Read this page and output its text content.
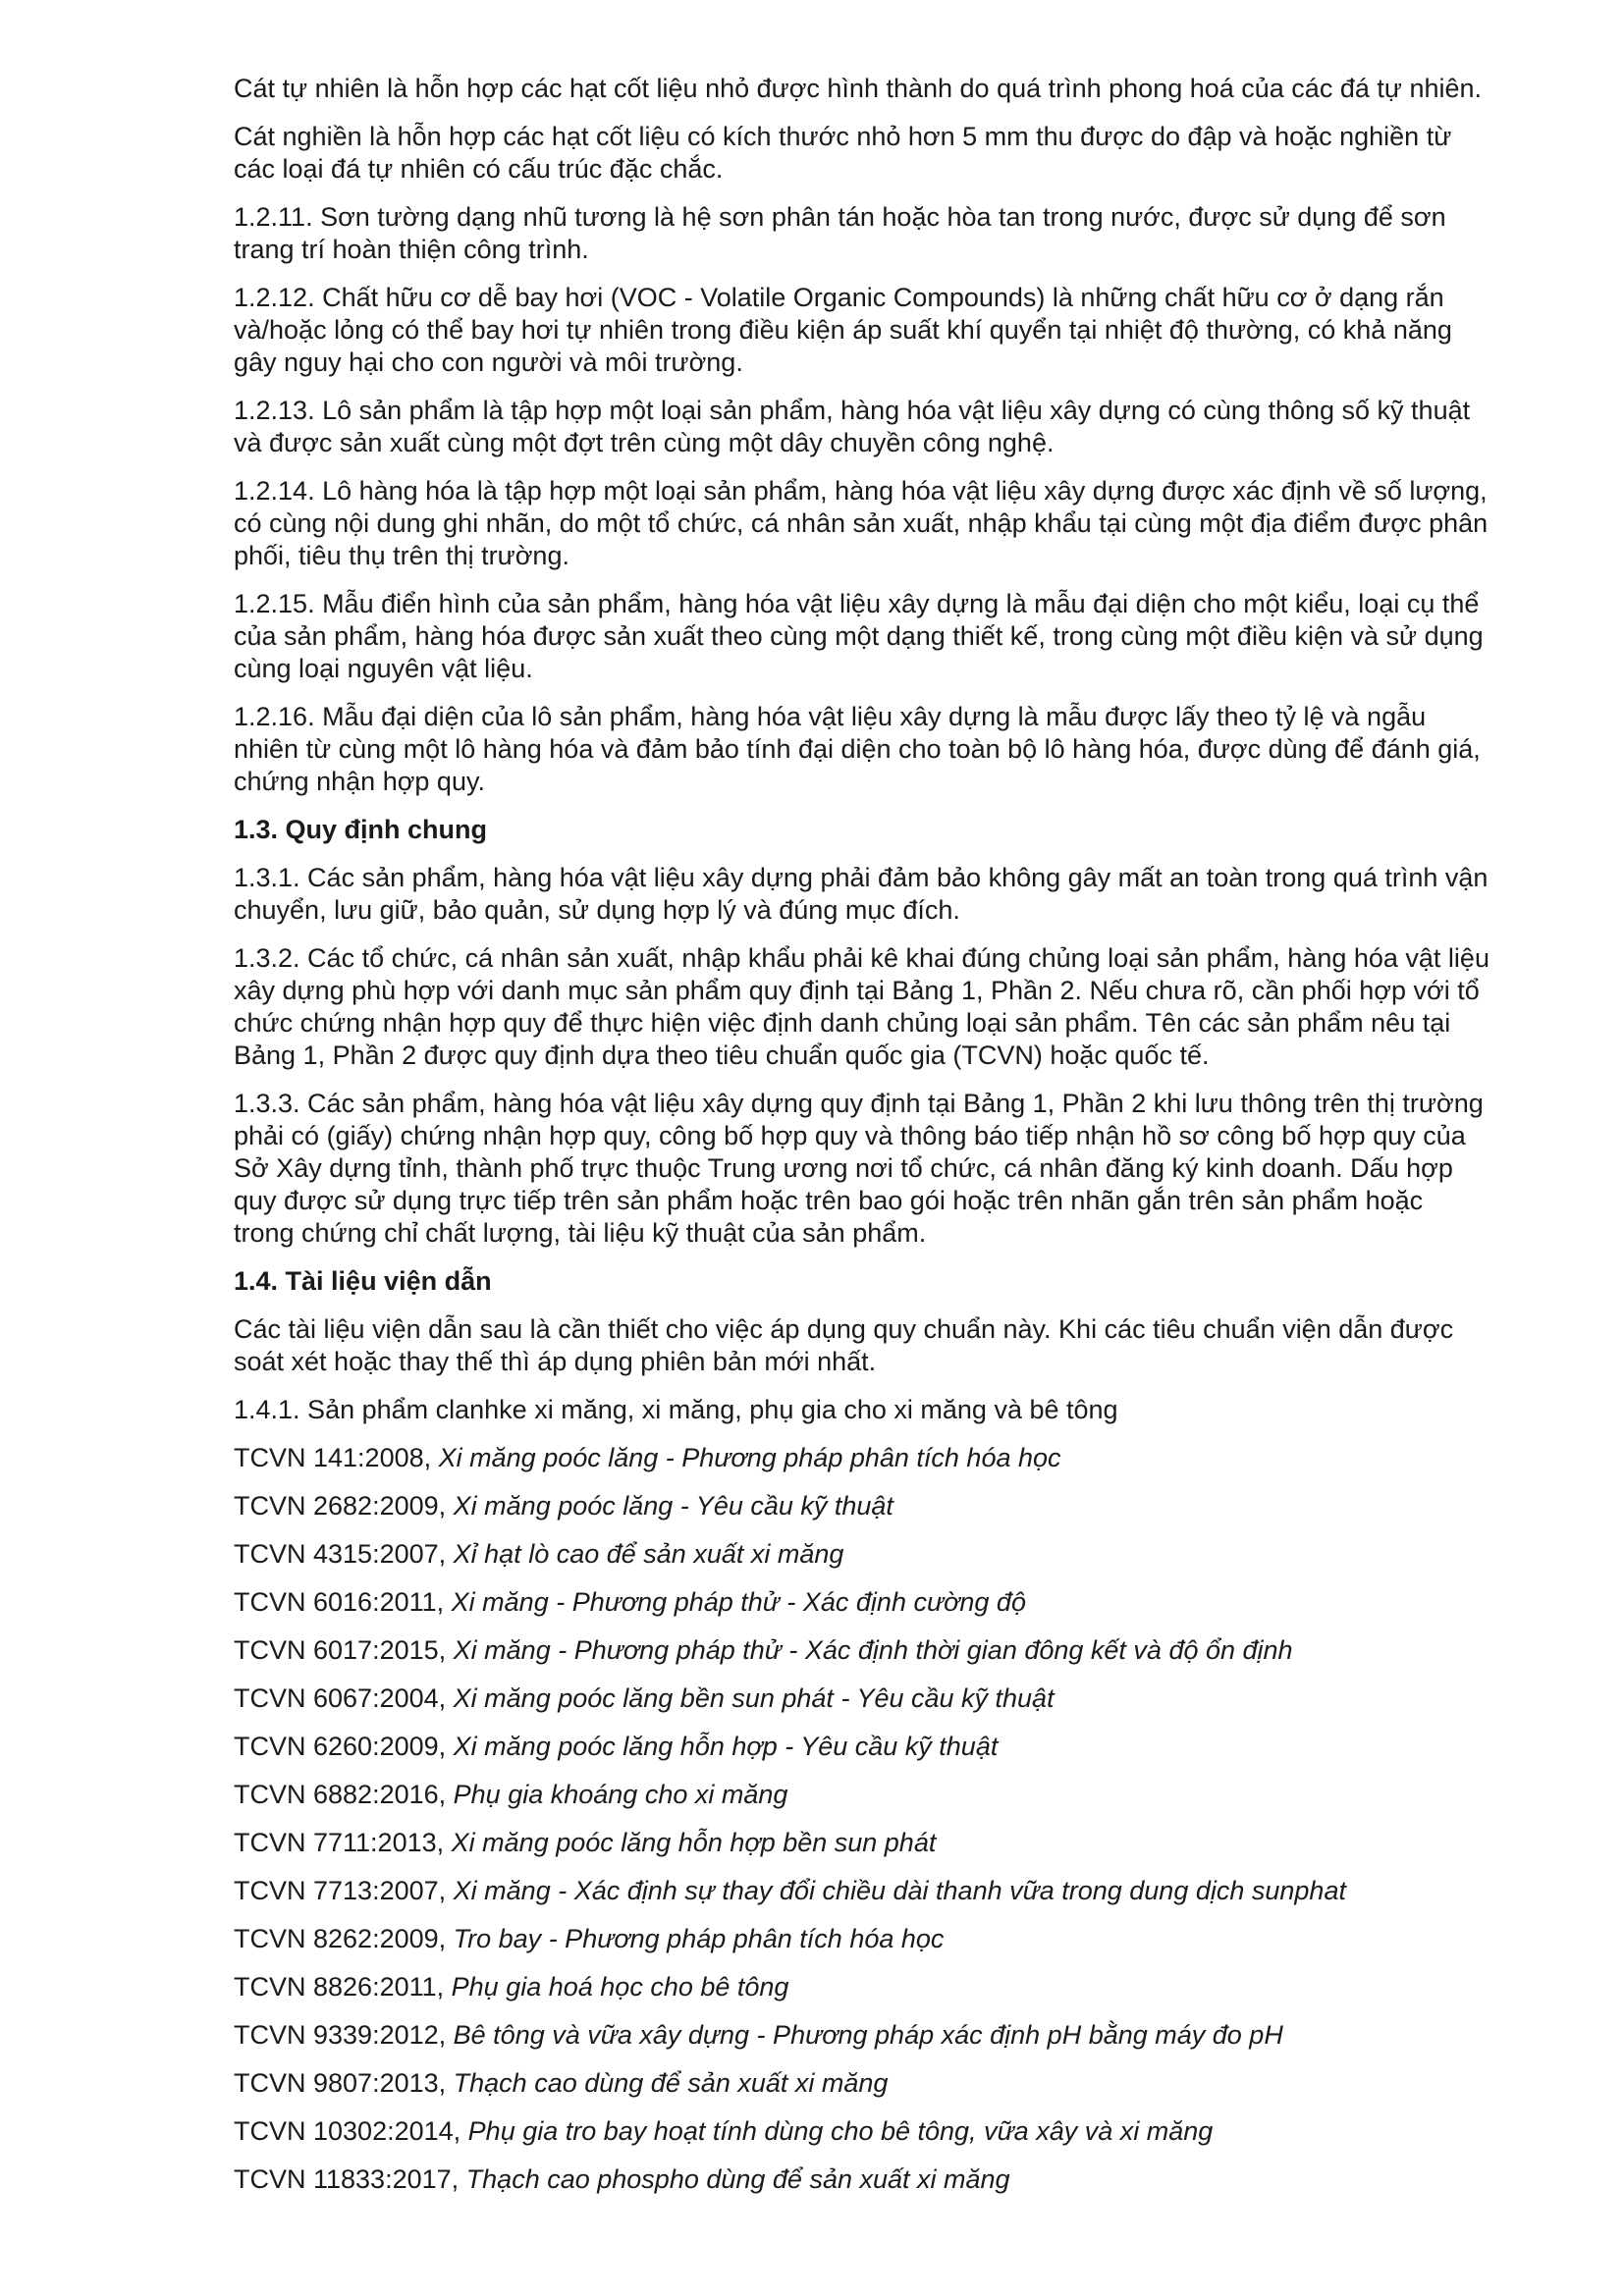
Cát tự nhiên là hỗn hợp các hạt cốt liệu nhỏ được hình thành do quá trình phong hoá của các đá tự nhiên.

Cát nghiền là hỗn hợp các hạt cốt liệu có kích thước nhỏ hơn 5 mm thu được do đập và hoặc nghiền từ các loại đá tự nhiên có cấu trúc đặc chắc.

1.2.11. Sơn tường dạng nhũ tương là hệ sơn phân tán hoặc hòa tan trong nước, được sử dụng để sơn trang trí hoàn thiện công trình.

1.2.12. Chất hữu cơ dễ bay hơi (VOC - Volatile Organic Compounds) là những chất hữu cơ ở dạng rắn và/hoặc lỏng có thể bay hơi tự nhiên trong điều kiện áp suất khí quyển tại nhiệt độ thường, có khả năng gây nguy hại cho con người và môi trường.

1.2.13. Lô sản phẩm là tập hợp một loại sản phẩm, hàng hóa vật liệu xây dựng có cùng thông số kỹ thuật và được sản xuất cùng một đợt trên cùng một dây chuyền công nghệ.

1.2.14. Lô hàng hóa là tập hợp một loại sản phẩm, hàng hóa vật liệu xây dựng được xác định về số lượng, có cùng nội dung ghi nhãn, do một tổ chức, cá nhân sản xuất, nhập khẩu tại cùng một địa điểm được phân phối, tiêu thụ trên thị trường.

1.2.15. Mẫu điển hình của sản phẩm, hàng hóa vật liệu xây dựng là mẫu đại diện cho một kiểu, loại cụ thể của sản phẩm, hàng hóa được sản xuất theo cùng một dạng thiết kế, trong cùng một điều kiện và sử dụng cùng loại nguyên vật liệu.

1.2.16. Mẫu đại diện của lô sản phẩm, hàng hóa vật liệu xây dựng là mẫu được lấy theo tỷ lệ và ngẫu nhiên từ cùng một lô hàng hóa và đảm bảo tính đại diện cho toàn bộ lô hàng hóa, được dùng để đánh giá, chứng nhận hợp quy.

1.3. Quy định chung

1.3.1. Các sản phẩm, hàng hóa vật liệu xây dựng phải đảm bảo không gây mất an toàn trong quá trình vận chuyển, lưu giữ, bảo quản, sử dụng hợp lý và đúng mục đích.

1.3.2. Các tổ chức, cá nhân sản xuất, nhập khẩu phải kê khai đúng chủng loại sản phẩm, hàng hóa vật liệu xây dựng phù hợp với danh mục sản phẩm quy định tại Bảng 1, Phần 2. Nếu chưa rõ, cần phối hợp với tổ chức chứng nhận hợp quy để thực hiện việc định danh chủng loại sản phẩm. Tên các sản phẩm nêu tại Bảng 1, Phần 2 được quy định dựa theo tiêu chuẩn quốc gia (TCVN) hoặc quốc tế.

1.3.3. Các sản phẩm, hàng hóa vật liệu xây dựng quy định tại Bảng 1, Phần 2 khi lưu thông trên thị trường phải có (giấy) chứng nhận hợp quy, công bố hợp quy và thông báo tiếp nhận hồ sơ công bố hợp quy của Sở Xây dựng tỉnh, thành phố trực thuộc Trung ương nơi tổ chức, cá nhân đăng ký kinh doanh. Dấu hợp quy được sử dụng trực tiếp trên sản phẩm hoặc trên bao gói hoặc trên nhãn gắn trên sản phẩm hoặc trong chứng chỉ chất lượng, tài liệu kỹ thuật của sản phẩm.

1.4. Tài liệu viện dẫn

Các tài liệu viện dẫn sau là cần thiết cho việc áp dụng quy chuẩn này. Khi các tiêu chuẩn viện dẫn được soát xét hoặc thay thế thì áp dụng phiên bản mới nhất.

1.4.1. Sản phẩm clanhke xi măng, xi măng, phụ gia cho xi măng và bê tông

TCVN 141:2008, Xi măng poóc lăng - Phương pháp phân tích hóa học

TCVN 2682:2009, Xi măng poóc lăng - Yêu cầu kỹ thuật

TCVN 4315:2007, Xỉ hạt lò cao để sản xuất xi măng

TCVN 6016:2011, Xi măng - Phương pháp thử - Xác định cường độ

TCVN 6017:2015, Xi măng - Phương pháp thử - Xác định thời gian đông kết và độ ổn định

TCVN 6067:2004, Xi măng poóc lăng bền sun phát - Yêu cầu kỹ thuật

TCVN 6260:2009, Xi măng poóc lăng hỗn hợp - Yêu cầu kỹ thuật

TCVN 6882:2016, Phụ gia khoáng cho xi măng

TCVN 7711:2013, Xi măng poóc lăng hỗn hợp bền sun phát

TCVN 7713:2007, Xi măng - Xác định sự thay đổi chiều dài thanh vữa trong dung dịch sunphat

TCVN 8262:2009, Tro bay - Phương pháp phân tích hóa học

TCVN 8826:2011, Phụ gia hoá học cho bê tông

TCVN 9339:2012, Bê tông và vữa xây dựng - Phương pháp xác định pH bằng máy đo pH

TCVN 9807:2013, Thạch cao dùng để sản xuất xi măng

TCVN 10302:2014, Phụ gia tro bay hoạt tính dùng cho bê tông, vữa xây và xi măng

TCVN 11833:2017, Thạch cao phospho dùng để sản xuất xi măng
